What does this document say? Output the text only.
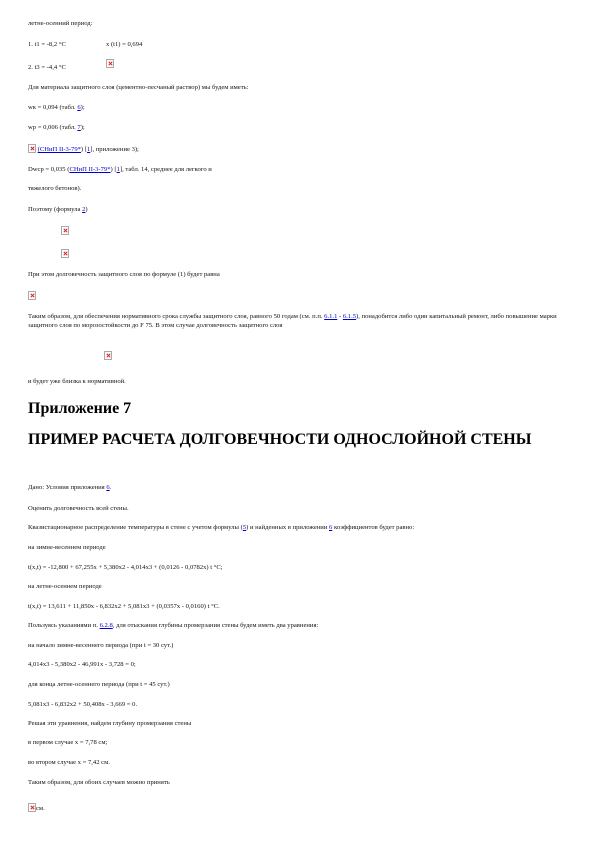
летне-осенний период:
1. t1 = -8,2 °С	x (t1) = 0,694
2. t3 = -4,4 °С
Для материала защитного слоя (цементно-песчаный раствор) мы будем иметь:
wк = 0,094 (табл. 6);
wp = 0,006 (табл. 7);
(СНиП II-3-79*) [1], приложение 3);
Dwcp = 0,035 (СНиП II-3-79*) [1], табл. 14, среднее для легкого и
тяжелого бетонов).
Поэтому (формула 2)
При этом долговечность защитного слоя по формуле (1) будет равна
Таким образом, для обеспечения нормативного срока службы защитного слоя, равного 50 годам (см. п.п. 6.1.1 - 6.1.5), понадобится либо один капитальный ремонт, либо повышение марки защитного слоя по морозостойкости до F 75. В этом случае долговечность защитного слоя
и будет уже близка к нормативной.
Приложение 7
ПРИМЕР РАСЧЕТА ДОЛГОВЕЧНОСТИ ОДНОСЛОЙНОЙ СТЕНЫ
Дано: Условия приложения 6.
Оценить долговечность всей стены.
Квазистационарное распределение температуры в стене с учетом формулы (5) и найденных в приложении 6 коэффициентов будет равно:
на зимне-весеннем периоде
t(x,t) = -12,800 + 67,255x + 5,380x2 - 4,014x3 + (0,0126 - 0,0782x) t °С;
на летне-осеннем периоде
t(x,t) = 13,611 + 11,850x - 6,832x2 + 5,081x3 + (0,0357x - 0,0160) t °С.
Пользуясь указаниями п. 6.2.8, для отыскания глубины промерзания стены будем иметь два уравнения:
на начало зимне-весеннего периода (при t = 30 сут.)
4,014x3 - 5,380x2 - 46,991x - 3,728 = 0;
для конца летне-осеннего периода (при t = 45 сут.)
5,081x3 - 6,832x2 + 50,408x - 3,669 = 0.
Решая эти уравнения, найдем глубину промерзания стены
в первом случае x = 7,78 см;
во втором случае x = 7,42 см.
Таким образом, для обоих случаев можно принять
см.
